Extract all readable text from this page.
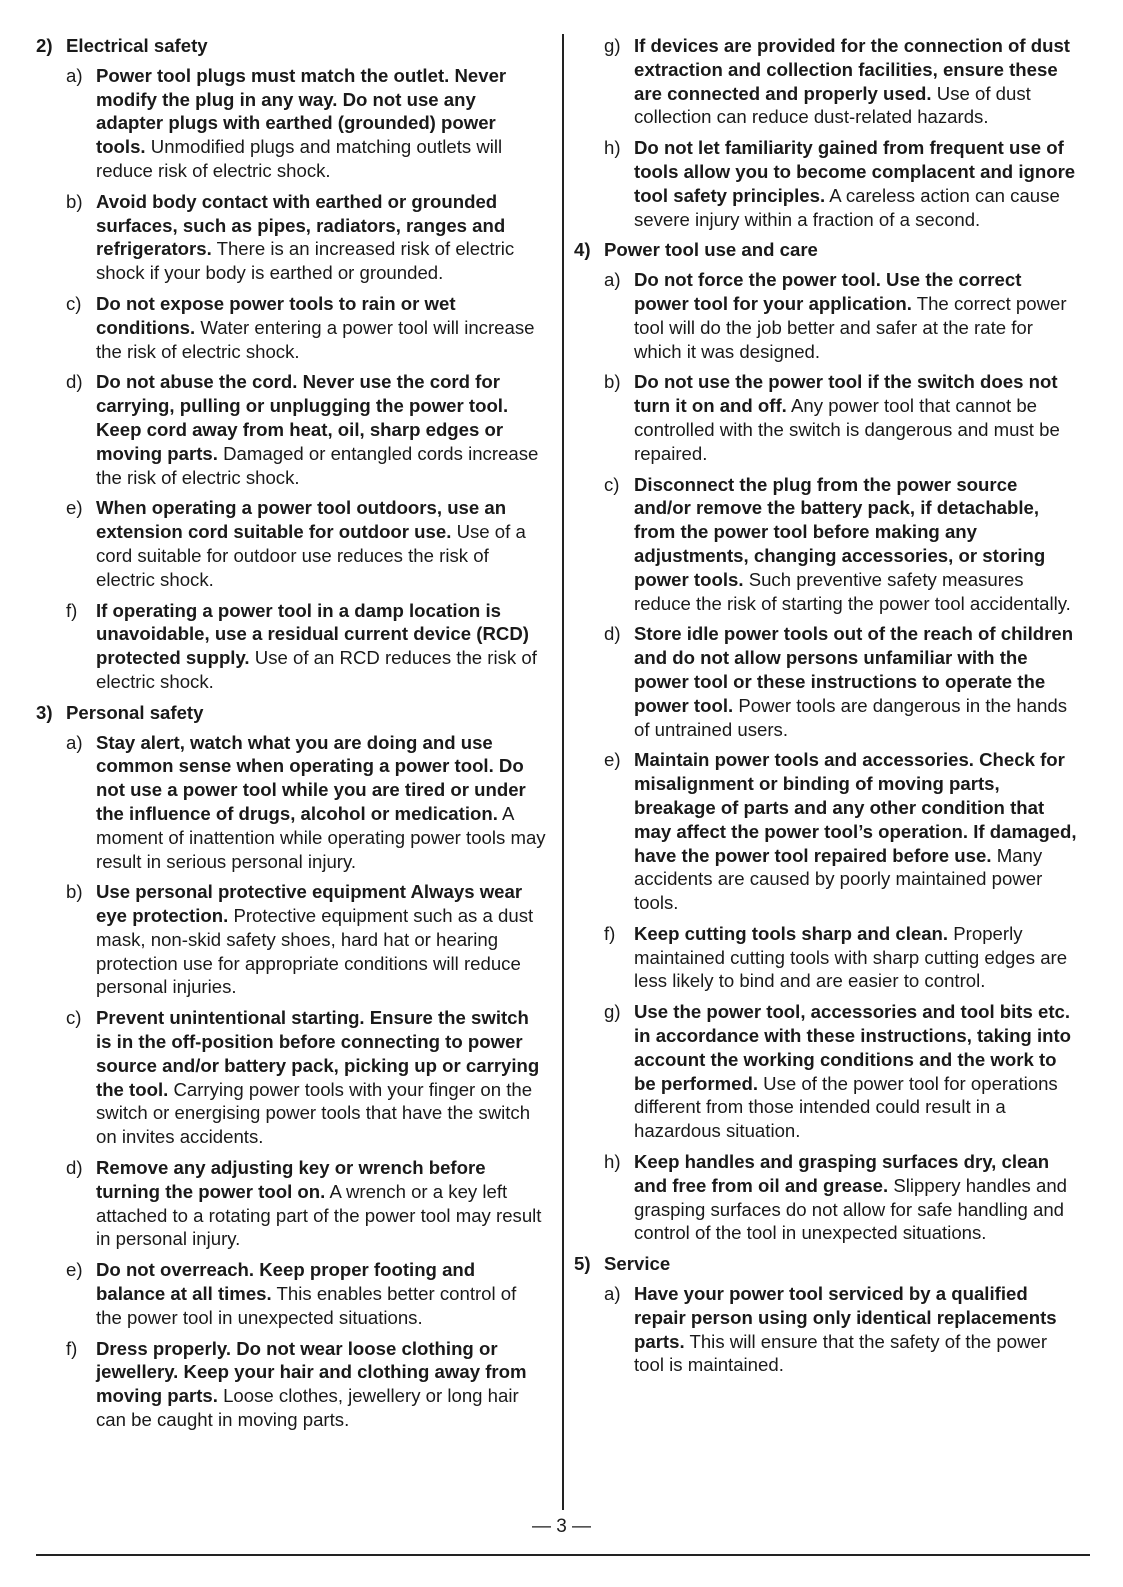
2) Electrical safety
a) Power tool plugs must match the outlet. Never modify the plug in any way. Do not use any adapter plugs with earthed (grounded) power tools. Unmodified plugs and matching outlets will reduce risk of electric shock.
b) Avoid body contact with earthed or grounded surfaces, such as pipes, radiators, ranges and refrigerators. There is an increased risk of electric shock if your body is earthed or grounded.
c) Do not expose power tools to rain or wet conditions. Water entering a power tool will increase the risk of electric shock.
d) Do not abuse the cord. Never use the cord for carrying, pulling or unplugging the power tool. Keep cord away from heat, oil, sharp edges or moving parts. Damaged or entangled cords increase the risk of electric shock.
e) When operating a power tool outdoors, use an extension cord suitable for outdoor use. Use of a cord suitable for outdoor use reduces the risk of electric shock.
f)	If operating a power tool in a damp location is unavoidable, use a residual current device (RCD) protected supply. Use of an RCD reduces the risk of electric shock.
3) Personal safety
a) Stay alert, watch what you are doing and use common sense when operating a power tool. Do not use a power tool while you are tired or under the influence of drugs, alcohol or medication. A moment of inattention while operating power tools may result in serious personal injury.
b) Use personal protective equipment Always wear eye protection. Protective equipment such as a dust mask, non-skid safety shoes, hard hat or hearing protection use for appropriate conditions will reduce personal injuries.
c) Prevent unintentional starting. Ensure the switch is in the off-position before connecting to power source and/or battery pack, picking up or carrying the tool. Carrying power tools with your finger on the switch or energising power tools that have the switch on invites accidents.
d) Remove any adjusting key or wrench before turning the power tool on. A wrench or a key left attached to a rotating part of the power tool may result in personal injury.
e) Do not overreach. Keep proper footing and balance at all times. This enables better control of the power tool in unexpected situations.
f)	Dress properly. Do not wear loose clothing or jewellery. Keep your hair and clothing away from moving parts. Loose clothes, jewellery or long hair can be caught in moving parts.
g) If devices are provided for the connection of dust extraction and collection facilities, ensure these are connected and properly used. Use of dust collection can reduce dust-related hazards.
h) Do not let familiarity gained from frequent use of tools allow you to become complacent and ignore tool safety principles. A careless action can cause severe injury within a fraction of a second.
4) Power tool use and care
a) Do not force the power tool. Use the correct power tool for your application. The correct power tool will do the job better and safer at the rate for which it was designed.
b) Do not use the power tool if the switch does not turn it on and off. Any power tool that cannot be controlled with the switch is dangerous and must be repaired.
c) Disconnect the plug from the power source and/or remove the battery pack, if detachable, from the power tool before making any adjustments, changing accessories, or storing power tools. Such preventive safety measures reduce the risk of starting the power tool accidentally.
d) Store idle power tools out of the reach of children and do not allow persons unfamiliar with the power tool or these instructions to operate the power tool. Power tools are dangerous in the hands of untrained users.
e) Maintain power tools and accessories. Check for misalignment or binding of moving parts, breakage of parts and any other condition that may affect the power tool’s operation. If damaged, have the power tool repaired before use. Many accidents are caused by poorly maintained power tools.
f)	Keep cutting tools sharp and clean. Properly maintained cutting tools with sharp cutting edges are less likely to bind and are easier to control.
g) Use the power tool, accessories and tool bits etc. in accordance with these instructions, taking into account the working conditions and the work to be performed. Use of the power tool for operations different from those intended could result in a hazardous situation.
h) Keep handles and grasping surfaces dry, clean and free from oil and grease. Slippery handles and grasping surfaces do not allow for safe handling and control of the tool in unexpected situations.
5) Service
a) Have your power tool serviced by a qualified repair person using only identical replacements parts. This will ensure that the safety of the power tool is maintained.
— 3 —
